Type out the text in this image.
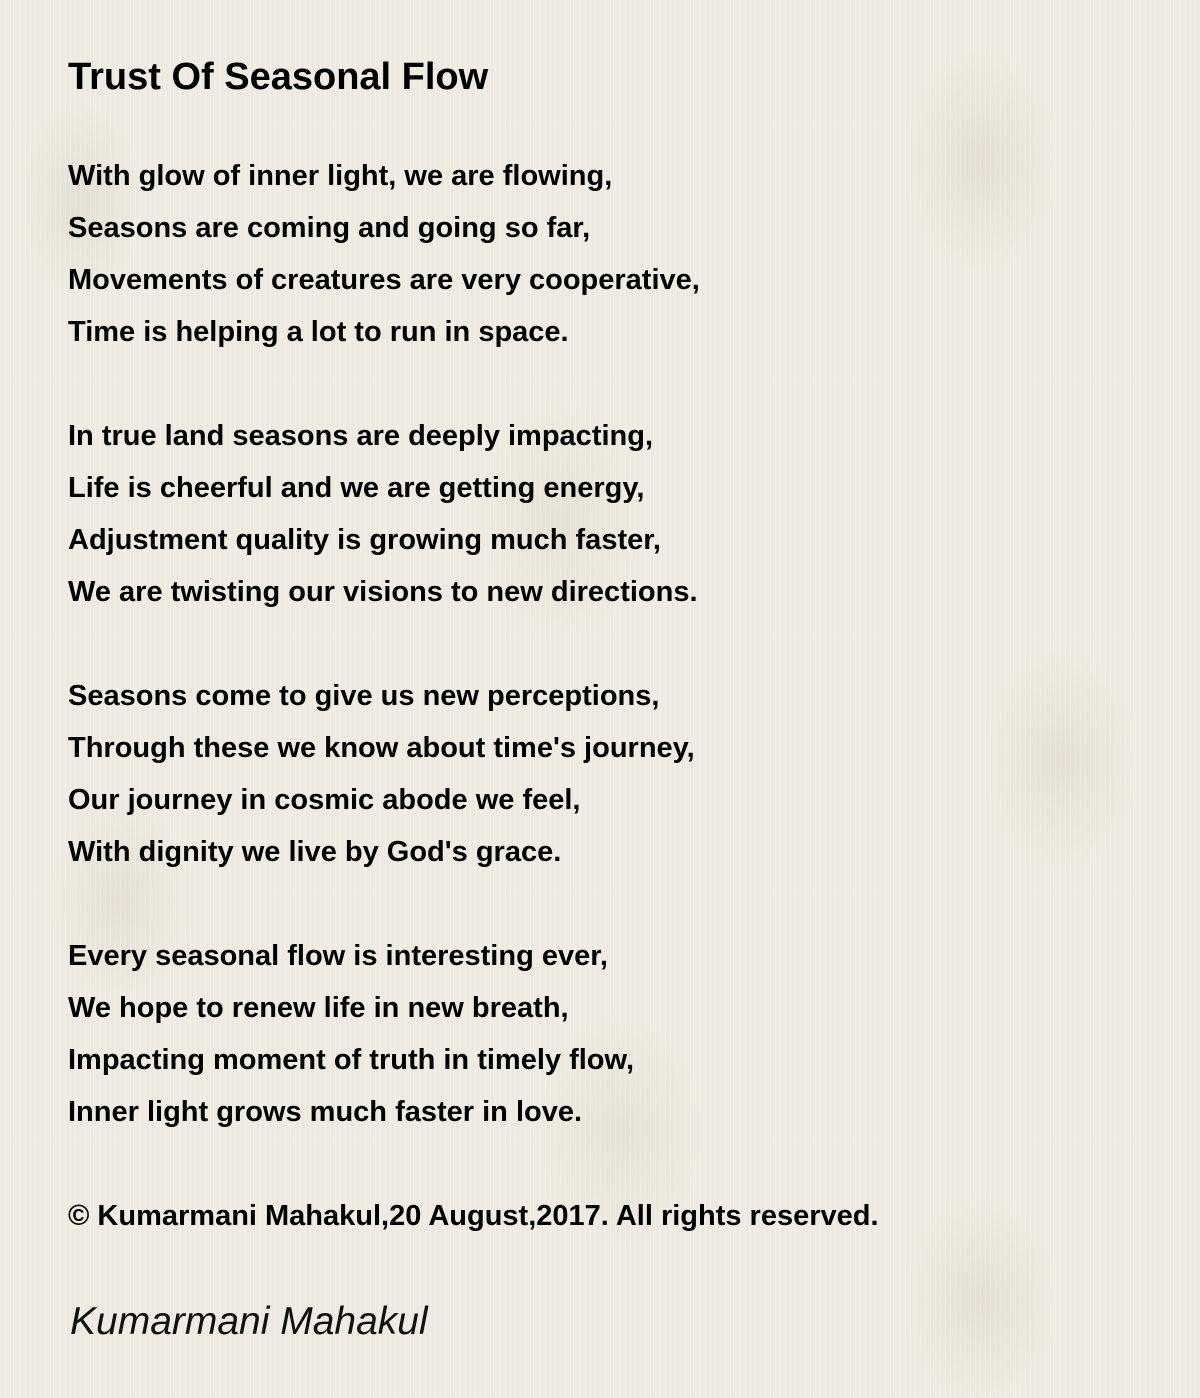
Trust Of Seasonal Flow
With glow of inner light, we are flowing,
Seasons are coming and going so far,
Movements of creatures are very cooperative,
Time is helping a lot to run in space.
In true land seasons are deeply impacting,
Life is cheerful and we are getting energy,
Adjustment quality is growing much faster,
We are twisting our visions to new directions.
Seasons come to give us new perceptions,
Through these we know about time's journey,
Our journey in cosmic abode we feel,
With dignity we live by God's grace.
Every seasonal flow is interesting ever,
We hope to renew life in new breath,
Impacting moment of truth in timely flow,
Inner light grows much faster in love.
© Kumarmani Mahakul,20 August,2017. All rights reserved.
Kumarmani Mahakul
